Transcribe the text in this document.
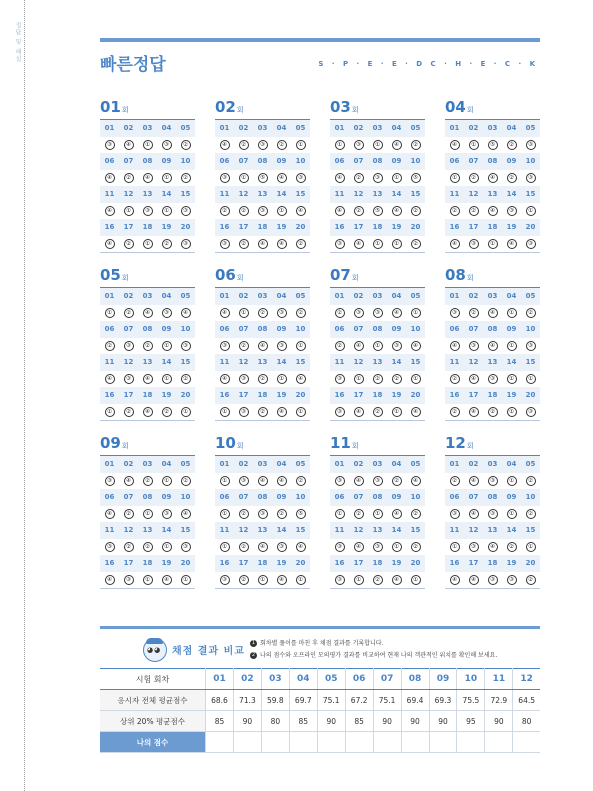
정답 및 해설
빠른정답	S · P · E · E · D C · H · E · C · K
01회
01	02	03	04	05
③	④	①	③	②
06	07	08	09	10
④	②	④	①	②
11	12	13	14	15
④	①	③	①	③
16	17	18	19	20
④	②	①	②	③
02회
01	02	03	04	05
④	②	③	②	①
06	07	08	09	10
③	①	⑤	④	③
11	12	13	14	15
②	②	③	①	④
16	17	18	19	20
③	②	④	④	②
03회
01	02	03	04	05
①	③	①	④	②
06	07	08	09	10
④	②	③	①	⑤
11	12	13	14	15
④	②	⑤	④	②
16	17	18	19	20
③	④	①	①	②
04회
01	02	03	04	05
④	①	⑤	②	③
06	07	08	09	10
①	②	④	②	③
11	12	13	14	15
②	②	④	③	①
16	17	18	19	20
④	③	①	④	③
05회
01	02	03	04	05
①	②	④	③	④
06	07	08	09	10
②	③	②	①	③
11	12	13	14	15
④	③	④	①	②
16	17	18	19	20
①	②	④	②	①
06회
01	02	03	04	05
④	①	②	③	②
06	07	08	09	10
③	②	④	③	①
11	12	13	14	15
④	③	②	①	④
16	17	18	19	20
①	③	②	④	①
07회
01	02	03	04	05
②	③	③	④	①
06	07	08	09	10
②	④	①	③	④
11	12	13	14	15
③	①	②	②	①
16	17	18	19	20
③	④	②	①	④
08회
01	02	03	04	05
③	②	④	①	②
06	07	08	09	10
④	③	④	①	③
11	12	13	14	15
②	④	③	①	①
16	17	18	19	20
②	④	②	①	③
09회
01	02	03	04	05
③	④	②	①	②
06	07	08	09	10
④	②	①	③	④
11	12	13	14	15
③	②	②	①	③
16	17	18	19	20
④	③	①	④	①
10회
01	02	03	04	05
①	③	④	④	②
06	07	08	09	10
①	②	③	②	⑤
11	12	13	14	15
①	②	④	③	④
16	17	18	19	20
③	②	①	④	①
11회
01	02	03	04	05
③	④	③	②	④
06	07	08	09	10
①	②	①	④	②
11	12	13	14	15
③	④	③	①	②
16	17	18	19	20
③	①	②	④	①
12회
01	02	03	04	05
②	④	③	①	②
06	07	08	09	10
③	④	③	①	②
11	12	13	14	15
①	③	④	②	①
16	17	18	19	20
④	④	③	③	②
◕◕ 채점 결과 비교
1 회차별 풀이를 마친 후 채점 결과를 기록합니다.
2 나의 점수와 오프라인 모의평가 결과를 비교하여 현재 나의 객관적인 위치를 확인해 보세요.
시험 회차	01	02	03	04	05	06	07	08	09	10	11	12
응시자 전체 평균점수	68.6	71.3	59.8	69.7	75.1	67.2	75.1	69.4	69.3	75.5	72.9	64.5
상위 20% 평균점수	85	90	80	85	90	85	90	90	90	95	90	80
나의 점수												
